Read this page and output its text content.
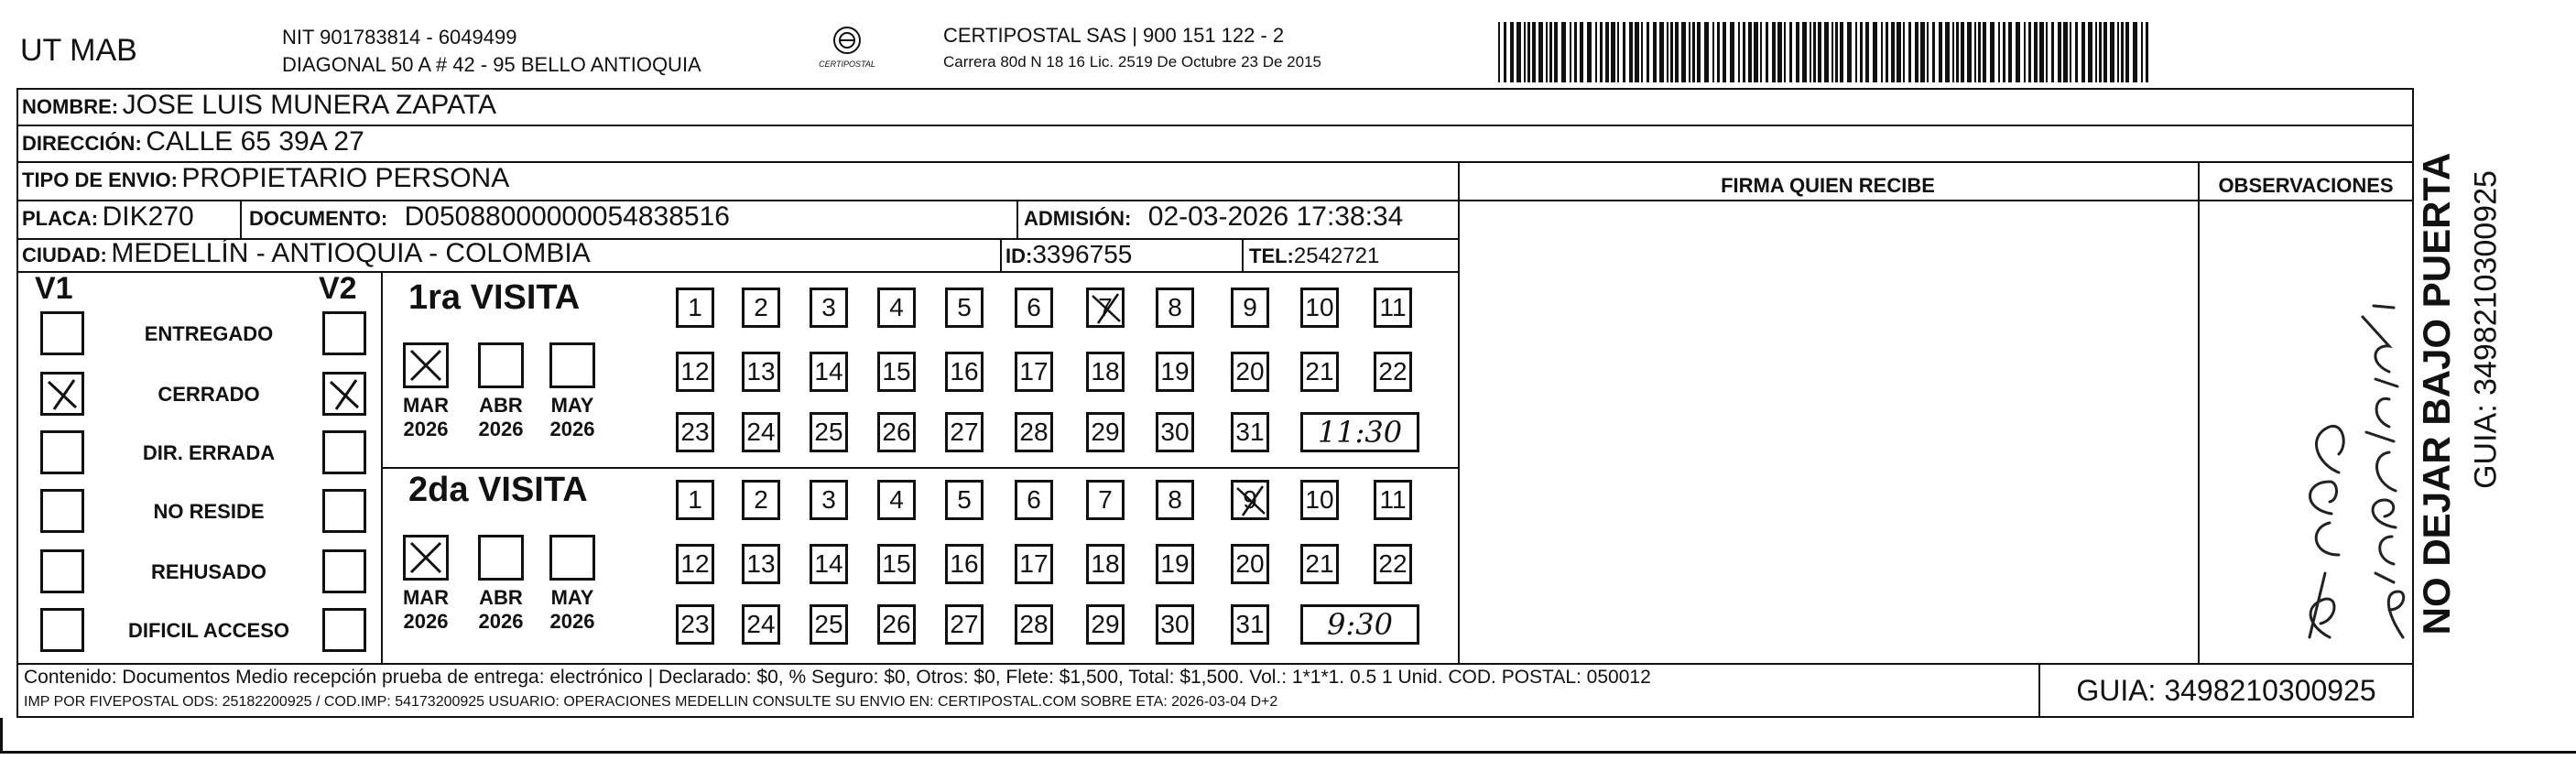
UT MAB	NIT 901783814 - 6049499
DIAGONAL 50 A # 42 - 95 BELLO ANTIOQUIA	CERTIPOSTAL
CERTIPOSTAL SAS | 900 151 122 - 2
Carrera 80d N 18 16 Lic. 2519 De Octubre 23 De 2015
NOMBRE: JOSE LUIS MUNERA ZAPATA
DIRECCIÓN: CALLE 65 39A 27
TIPO DE ENVIO: PROPIETARIO PERSONA
PLACA: DIK270	DOCUMENTO: D05088000000054838516	ADMISIÓN: 02-03-2026 17:38:34
CIUDAD: MEDELLÍN - ANTIOQUIA - COLOMBIA	ID:3396755	TEL:2542721
FIRMA QUIEN RECIBE	OBSERVACIONES
V1	V2
ENTREGADO
CERRADO
DIR. ERRADA
NO RESIDE
REHUSADO
DIFICIL ACCESO
1ra VISITA
2da VISITA
MAR
2026
ABR
2026
MAY
2026
1	2	3	4	5	6	7	8	9	10 11
12 13 14 15 16 17 18 19 20 21 22
23 24 25 26 27 28 29 30 31	11:30
MAR
2026
ABR
2026
MAY
2026
1	2	3	4	5	6	7	8	9	10 11
12 13 14 15 16 17 18 19 20 21 22
23 24 25 26 27 28 29 30 31	9:30
Contenido: Documentos Medio recepción prueba de entrega: electrónico | Declarado: $0, % Seguro: $0, Otros: $0, Flete: $1,500, Total: $1,500. Vol.: 1*1*1. 0.5 1 Unid. COD. POSTAL: 050012
IMP POR FIVEPOSTAL ODS: 25182200925 / COD.IMP: 54173200925 USUARIO: OPERACIONES MEDELLIN CONSULTE SU ENVIO EN: CERTIPOSTAL.COM SOBRE ETA: 2026-03-04 D+2	GUIA: 3498210300925
NO DEJAR BAJO PUERTA GUIA: 3498210300925
